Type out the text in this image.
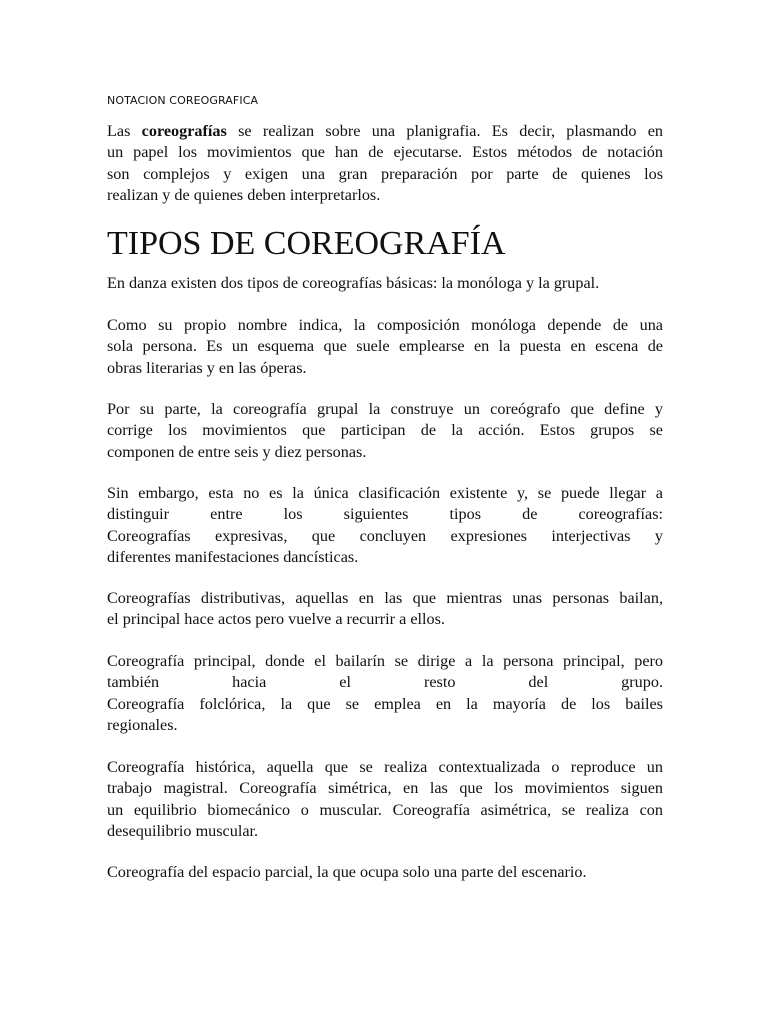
NOTACION COREOGRAFICA

Las coreografías se realizan sobre una planigrafia. Es decir, plasmando en
un papel los movimientos que han de ejecutarse. Estos métodos de notación
son complejos y exigen una gran preparación por parte de quienes los
realizan y de quienes deben interpretarlos.

TIPOS DE COREOGRAFÍA

En danza existen dos tipos de coreografías básicas: la monóloga y la grupal.

Como su propio nombre indica, la composición monóloga depende de una
sola persona. Es un esquema que suele emplearse en la puesta en escena de
obras literarias y en las óperas.

Por su parte, la coreografía grupal la construye un coreógrafo que define y
corrige los movimientos que participan de la acción. Estos grupos se
componen de entre seis y diez personas.

Sin embargo, esta no es la única clasificación existente y, se puede llegar a
distinguir entre los siguientes tipos de coreografías:
Coreografías expresivas, que concluyen expresiones interjectivas y
diferentes manifestaciones dancísticas.

Coreografías distributivas, aquellas en las que mientras unas personas bailan,
el principal hace actos pero vuelve a recurrir a ellos.

Coreografía principal, donde el bailarín se dirige a la persona principal, pero
también hacia el resto del grupo.
Coreografía folclórica, la que se emplea en la mayoría de los bailes
regionales.

Coreografía histórica, aquella que se realiza contextualizada o reproduce un
trabajo magistral. Coreografía simétrica, en las que los movimientos siguen
un equilibrio biomecánico o muscular. Coreografía asimétrica, se realiza con
desequilibrio muscular.

Coreografía del espacio parcial, la que ocupa solo una parte del escenario.
